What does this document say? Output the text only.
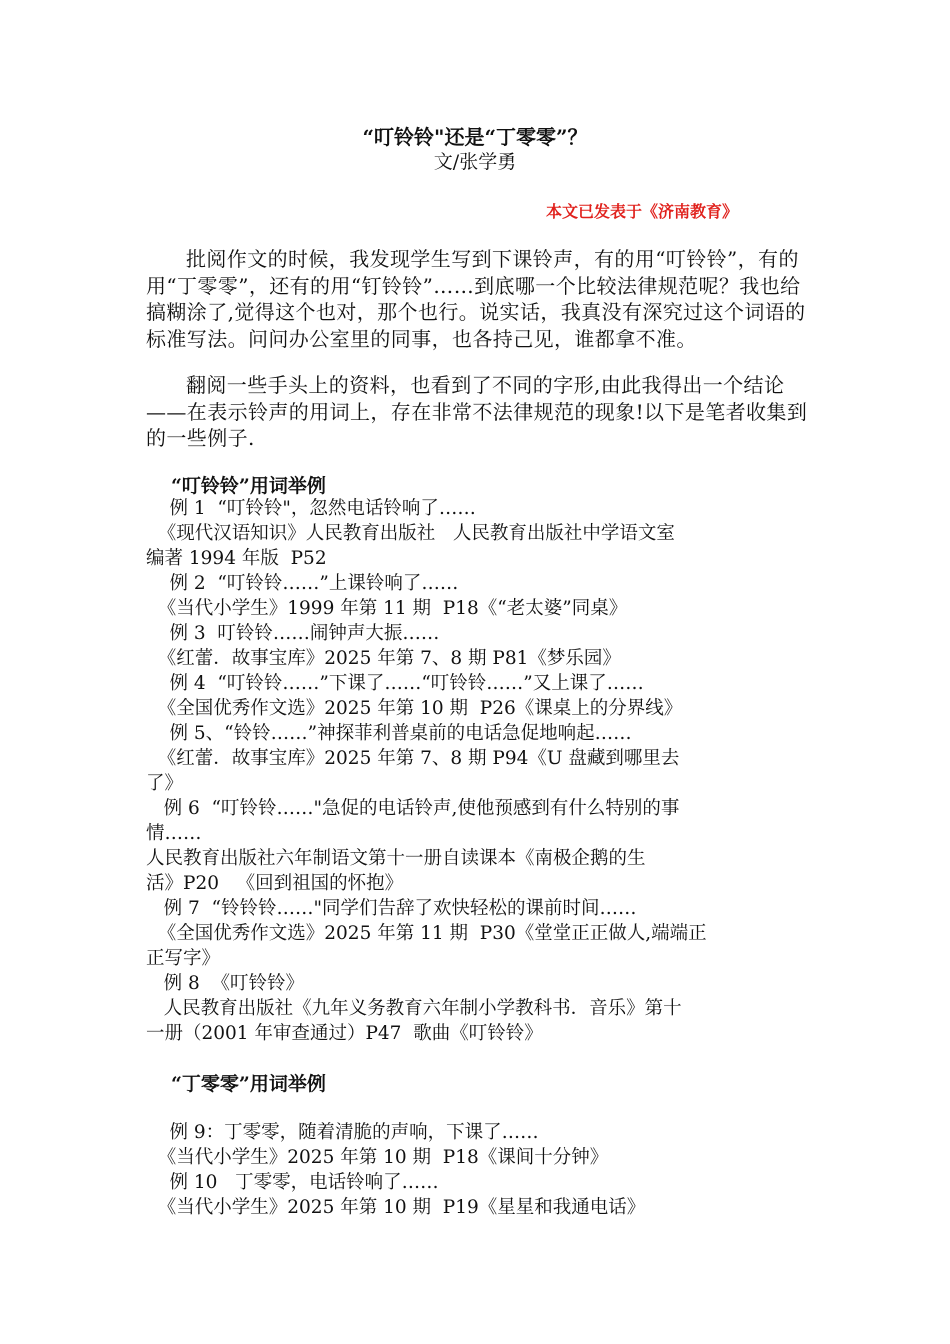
“叮铃铃"还是“丁零零”？
文/张学勇
本文已发表于《济南教育》
批阅作文的时候，我发现学生写到下课铃声，有的用“叮铃铃”，有的用“丁零零”，还有的用“钉铃铃”……到底哪一个比较法律规范呢？我也给搞糊涂了,觉得这个也对，那个也行。说实话，我真没有深究过这个词语的标准写法。问问办公室里的同事，也各持己见，谁都拿不准。
翻阅一些手头上的资料，也看到了不同的字形,由此我得出一个结论——在表示铃声的用词上，存在非常不法律规范的现象!以下是笔者收集到的一些例子.
“叮铃铃”用词举例
例 1  “叮铃铃"，忽然电话铃响了……
《现代汉语知识》人民教育出版社   人民教育出版社中学语文室
编著 1994 年版  P52
例 2  “叮铃铃……”上课铃响了……
《当代小学生》1999 年第 11 期  P18《“老太婆”同桌》
例 3  叮铃铃……闹钟声大振……
《红蕾．故事宝库》2025 年第 7、8 期 P81《梦乐园》
例 4  “叮铃铃……”下课了……“叮铃铃……”又上课了……
《全国优秀作文选》2025 年第 10 期  P26《课桌上的分界线》
例 5、“铃铃……”神探菲利普桌前的电话急促地响起……
《红蕾．故事宝库》2025 年第 7、8 期 P94《U 盘藏到哪里去
了》
例 6  “叮铃铃……"急促的电话铃声,使他预感到有什么特别的事
情……
人民教育出版社六年制语文第十一册自读课本《南极企鹅的生
活》P20   《回到祖国的怀抱》
例 7  “铃铃铃……"同学们告辞了欢快轻松的课前时间……
《全国优秀作文选》2025 年第 11 期  P30《堂堂正正做人,端端正
正写字》
例 8  《叮铃铃》
人民教育出版社《九年义务教育六年制小学教科书．音乐》第十
一册（2001 年审查通过）P47  歌曲《叮铃铃》
“丁零零”用词举例
例 9：丁零零，随着清脆的声响，下课了……
《当代小学生》2025 年第 10 期  P18《课间十分钟》
例 10   丁零零，电话铃响了……
《当代小学生》2025 年第 10 期  P19《星星和我通电话》
